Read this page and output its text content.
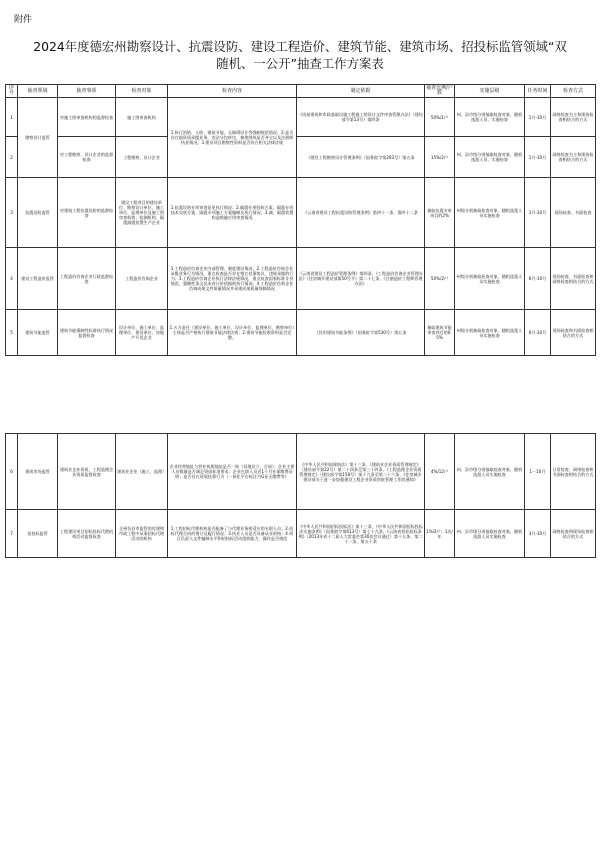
附件
2024年度德宏州勘察设计、抗震设防、建设工程造价、建筑节能、建筑市场、招投标监管领域“双
随机、一公开”抽查工作方案表
序号	抽查领域	抽查事项	检查对象	检查内容	制定依据	抽查比例/户数	实施层级	任务时间	检查方式
1	勘察设计监管	对施工图审查机构的监督检查	施工图审查机构	1.执行消防、人防、建筑节能、无障碍设计等强制规范情况；2.是否存在超资质承揽业务、违法分包转包、参建图纸是否齐全以及注册师执业情况；3.建设项目勘察性资料是否符合相关法律法规	《房屋建筑和市政基础设施工程施工图设计文件审查管理办法》（建设部令第13号）第四条	50%/1户	州、县市级分别抽取检查对象，随机选派人员，实施检查	1月-10月	网络检查为主和现场检查相结合的方式
2		对工程勘察、设计企业的监督检查	工程勘察、设计企业		《建设工程勘察设计管理条例》（国务院令第293号）第五条	15%/2户	州、县市级分别抽取检查对象，随机选派人员，实施检查	1月-10月	网络检查为主和现场检查相结合的方式
3	抗震设防监管	对建筑工程抗震设防的监督检查	建设工程项目的建设单位、勘察设计单位、施工单位、监理单位及施工图审查机构、检测机构、隔震减震装置生产企业	1.抗震设防专项审查意见执行情况；2.隔震专项验收方案、隔震专项技术交底方案、隔震专项施工方案编制及执行情况；3.减、隔震装置构造措施应用审查情况	《云南省建设工程抗震设防管理条例》第四十一条、第四十二条	抽取抗震专审项目的2%	州级分别抽取检查对象，随机选派人员实施检查	1月-10月	现场检查、书面检查
4	建设工程造价监管	工程造价咨询企业行政监督检查	工程造价咨询企业	1.工程造价咨询企业内部管理、制度建设情况；2.工程造价咨询企业承揽业务行为情况，重点检查是否存在签订挂靠协议、违规承揽的行为；3.工程造价咨询企业执行法律法规情况，重点检查国家标准计价规范、强制性条文及本省计价依据的执行情况；4.工程造价咨询企业咨询成果文件质量情况并承建成果质量保障情况	《云南省建设工程造价管理条例》第四条、《工程造价咨询企业管理办法》（住房城乡建设部第50号令）第二十七条、《注册造价工程师管理办法》	50%/2户	州级分别抽取检查对象，随机选派人员实施检查	6月-10月	现场检查、书面检查和网络检查相结合的方式
5	建筑节能监管	建筑节能强制性标准执行情况监督检查	设计单位、施工单位、监理单位、建设单位、房地产开发企业	1.五方责任（建设单位、施工单位、设计单位、监理单位、勘察单位）主体是否严格执行建筑节能法律法规；2.建筑节能验收资料是否完整。	《民用建筑节能条例》（国务院令第530号）第五条	抽取建筑节能审查项目的0.5%	州级分别抽取检查对象，随机选派人员实施检查	6月-10月	现场检查和书面检查相结合的方式
6	建筑市场监管	建筑业企业资质、工程监理企业资质监督检查	建筑业企业（施工、监理）	企业经营地址与营业执照地址是否一致（异地设立，合同）；企业主要人员数量是否满足资质标准要求；企业在职人员近1个月社保缴费证明；是否存在资质挂靠行为（一体化平台标注为G证无缴费等）	《中华人民共和国建筑法》第十三条、《建筑业企业资质管理规定》（建设部令第22号）第二十四条至第三十四条、《工程监理企业资质管理规定》（建设部令第158号）第十九条至第二十六条、《住房城乡建设部关于进一步加强建设工程企业资质审批管理工作的通知》	4%/12户	州、县市级分别抽取检查对象，随机选派人员实施检查	1－10月	日常检查、网络检查和书面检查相结合的方式
7	招投标监管	工程建设项目招标投标代理机构活动监督检查	全州各县市监管的房建和市政工程中从事招标代理活动的机构	1.工程招标代理机构是否配备了与代理业务相适应的专职人员；2.招标代理合同的签订及履行情况；3.执业人员是否具备从业资格；4.项目负责人文件编制水平和招投标活动组织能力、操作是否规范	《中华人民共和国招标投标法》第十三条、《中华人民共和国招标投标法实施条例》（国务院令第613号）第七十九条、《云南省招标投标条例》（2013年省十二届人大常委会第30次会议通过）第十五条、第二十一条、第五十条	1%/2户；1次/年	州、县市级分别抽取检查对象，随机选派人员实施检查	3月-10月	网络检查和现场检查相结合的方式
